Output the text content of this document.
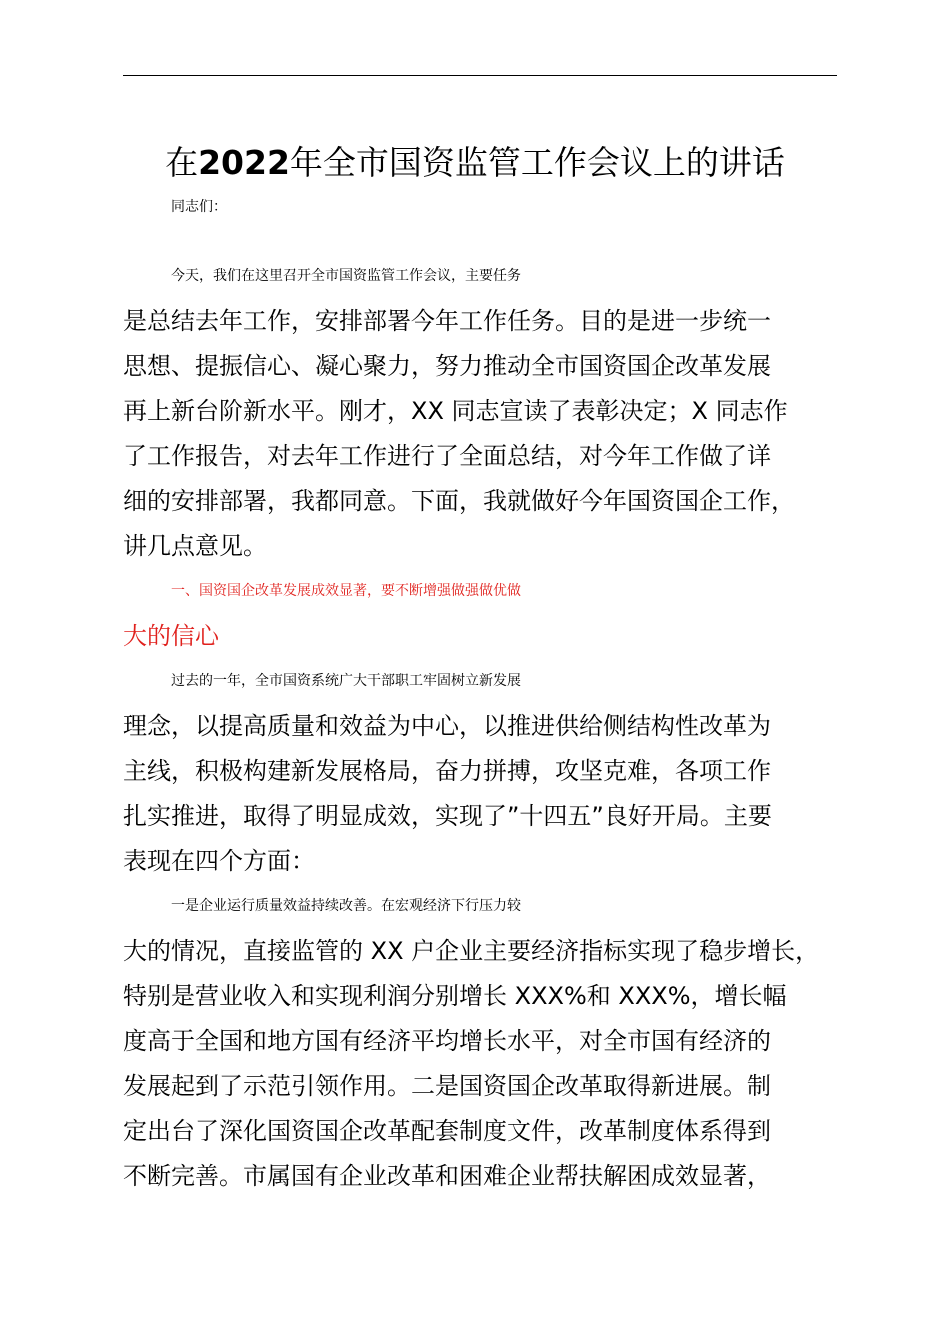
在2022年全市国资监管工作会议上的讲话
同志们：
今天，我们在这里召开全市国资监管工作会议，主要任务
是总结去年工作，安排部署今年工作任务。目的是进一步统一
思想、提振信心、凝心聚力，努力推动全市国资国企改革发展
再上新台阶新水平。刚才，XX 同志宣读了表彰决定；X 同志作
了工作报告，对去年工作进行了全面总结，对今年工作做了详
细的安排部署，我都同意。下面，我就做好今年国资国企工作，
讲几点意见。
一、国资国企改革发展成效显著，要不断增强做强做优做
大的信心
过去的一年，全市国资系统广大干部职工牢固树立新发展
理念，以提高质量和效益为中心，以推进供给侧结构性改革为
主线，积极构建新发展格局，奋力拼搏，攻坚克难，各项工作
扎实推进，取得了明显成效，实现了”十四五”良好开局。主要
表现在四个方面：
一是企业运行质量效益持续改善。在宏观经济下行压力较
大的情况，直接监管的 XX 户企业主要经济指标实现了稳步增长，
特别是营业收入和实现利润分别增长 XXX%和 XXX%，增长幅
度高于全国和地方国有经济平均增长水平，对全市国有经济的
发展起到了示范引领作用。二是国资国企改革取得新进展。制
定出台了深化国资国企改革配套制度文件，改革制度体系得到
不断完善。市属国有企业改革和困难企业帮扶解困成效显著，
